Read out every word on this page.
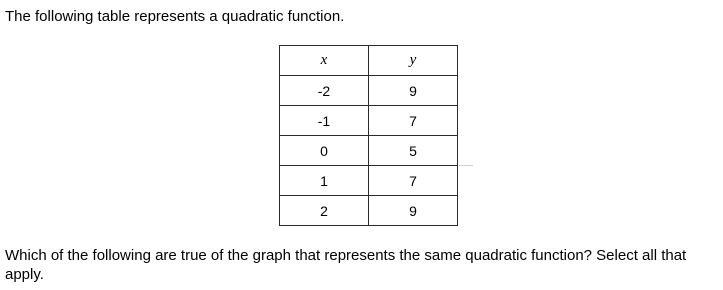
The following table represents a quadratic function.
x	y
-2	9
-1	7
0	5
1	7
2	9
Which of the following are true of the graph that represents the same quadratic function? Select all that apply.
